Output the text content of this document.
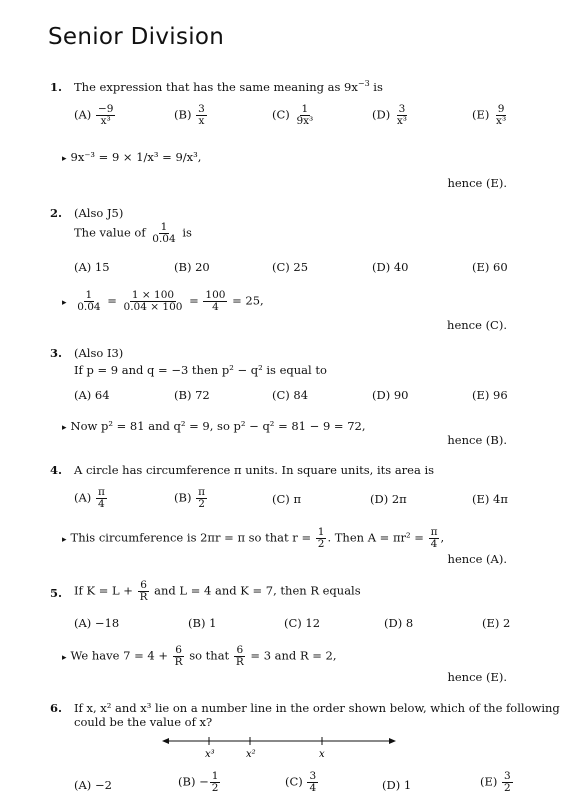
Senior Division
1. The expression that has the same meaning as $9x^{-3}$ is
$(A) \frac{-9}{\text{x³}}$	$(B) \frac{3}{x}$	$(C) \frac{1}{\text{9x³}}$	$(D) \frac{3}{\text{x³}}$	$(E) \frac{9}{\text{x³}}$
▸ 9x⁻³ = 9 × 1/x³ = 9/x³,
hence (E).
2. (Also J5)
The value of $\frac{1}{0.04}$ is
(A) 15	(B) 20	(C) 25	(D) 40	(E) 60
▸ $\frac{1}{0.04} = \frac{1 \times 100}{0.04 \times 100} = \frac{100}{4} = 25$,
hence (C).
3. (Also I3)
If p = 9 and q = −3 then p² − q² is equal to
(A) 64	(B) 72	(C) 84	(D) 90	(E) 96
▸ Now p² = 81 and q² = 9, so p² − q² = 81 − 9 = 72,
hence (B).
4. A circle has circumference π units. In square units, its area is
$(A) \frac{\pi}{4}$	$(B) \frac{\pi}{2}$	(C) π	(D) 2π	(E) 4π
▸ This circumference is 2πr = π so that $r = \frac{1}{2}$ . Then $A = \pi r^2 = \frac{\pi}{4}$ ,
hence (A).
5. If $K = L + \frac{6}{R}$ and L = 4 and K = 7, then R equals
(A) −18	(B) 1	(C) 12	(D) 8	(E) 2
▸ We have $7 = 4 + \frac{6}{R}$ so that $\frac{6}{R} = 3$ and R = 2,
hence (E).
6. If x, x² and x³ lie on a number line in the order shown below, which of the following
could be the value of x?
x³	x²	x
(A) −2	$(B) - \frac{1}{2}$	$(C) \frac{3}{4}$	(D) 1	$(E) \frac{3}{2}$
